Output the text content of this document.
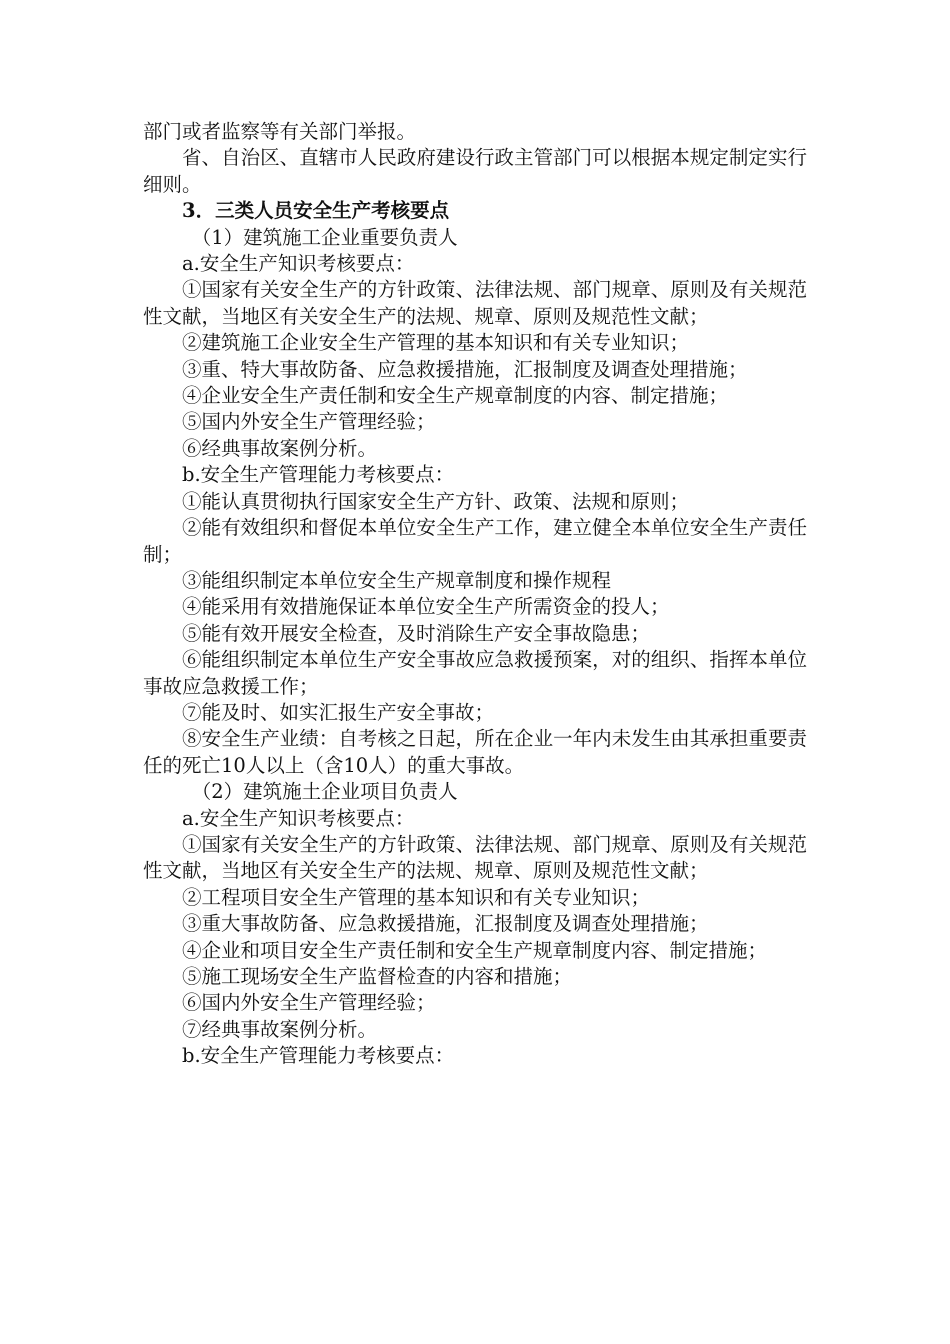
部门或者监察等有关部门举报。

省、自治区、直辖市人民政府建设行政主管部门可以根据本规定制定实行细则。

3．三类人员安全生产考核要点

（1）建筑施工企业重要负责人

a.安全生产知识考核要点：

①国家有关安全生产的方针政策、法律法规、部门规章、原则及有关规范性文献，当地区有关安全生产的法规、规章、原则及规范性文献；

②建筑施工企业安全生产管理的基本知识和有关专业知识；

③重、特大事故防备、应急救援措施，汇报制度及调查处理措施；

④企业安全生产责任制和安全生产规章制度的内容、制定措施；

⑤国内外安全生产管理经验；

⑥经典事故案例分析。

b.安全生产管理能力考核要点：

①能认真贯彻执行国家安全生产方针、政策、法规和原则；

②能有效组织和督促本单位安全生产工作，建立健全本单位安全生产责任制；

③能组织制定本单位安全生产规章制度和操作规程

④能采用有效措施保证本单位安全生产所需资金的投人；

⑤能有效开展安全检查，及时消除生产安全事故隐患；

⑥能组织制定本单位生产安全事故应急救援预案，对的组织、指挥本单位事故应急救援工作；

⑦能及时、如实汇报生产安全事故；

⑧安全生产业绩：自考核之日起，所在企业一年内未发生由其承担重要责任的死亡10人以上（含10人）的重大事故。

（2）建筑施土企业项目负责人

a.安全生产知识考核要点：

①国家有关安全生产的方针政策、法律法规、部门规章、原则及有关规范性文献，当地区有关安全生产的法规、规章、原则及规范性文献；

②工程项目安全生产管理的基本知识和有关专业知识；

③重大事故防备、应急救援措施，汇报制度及调查处理措施；

④企业和项目安全生产责任制和安全生产规章制度内容、制定措施；

⑤施工现场安全生产监督检查的内容和措施；

⑥国内外安全生产管理经验；

⑦经典事故案例分析。

b.安全生产管理能力考核要点：
